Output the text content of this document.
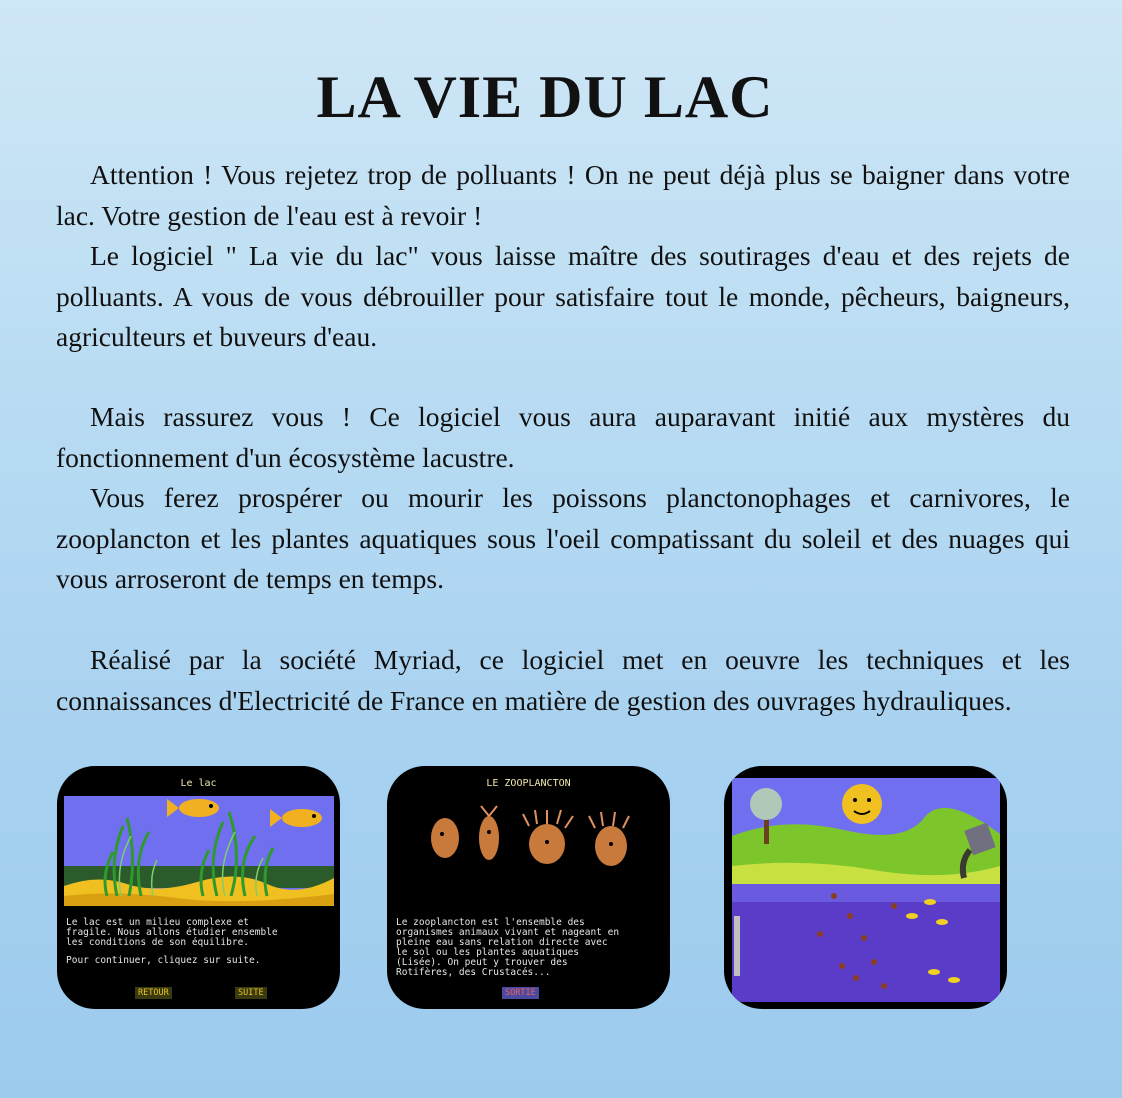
LA VIE DU LAC

Attention ! Vous rejetez trop de polluants ! On ne peut déjà plus se baigner dans votre lac. Votre gestion de l'eau est à revoir !

Le logiciel " La vie du lac" vous laisse maître des soutirages d'eau et des rejets de polluants. A vous de vous débrouiller pour satisfaire tout le monde, pêcheurs, baigneurs, agriculteurs et buveurs d'eau.

Mais rassurez vous ! Ce logiciel vous aura auparavant initié aux mystères du fonctionnement d'un écosystème lacustre.

Vous ferez prospérer ou mourir les poissons planctonophages et carnivores, le zooplancton et les plantes aquatiques sous l'oeil compatissant du soleil et des nuages qui vous arroseront de temps en temps.

Réalisé par la société Myriad, ce logiciel met en oeuvre les techniques et les connaissances d'Electricité de France en matière de gestion des ouvrages hydrauliques.

Le lac
Le lac est un milieu complexe et
fragile. Nous allons étudier ensemble
les conditions de son équilibre.
Pour continuer, cliquez sur suite.
RETOUR	SUITE
LE ZOOPLANCTON
Le zooplancton est l'ensemble des
organismes animaux vivant et nageant en
pleine eau sans relation directe avec
le sol ou les plantes aquatiques
(Lisée). On peut y trouver des
Rotifères, des Crustacés...
SORTIE
